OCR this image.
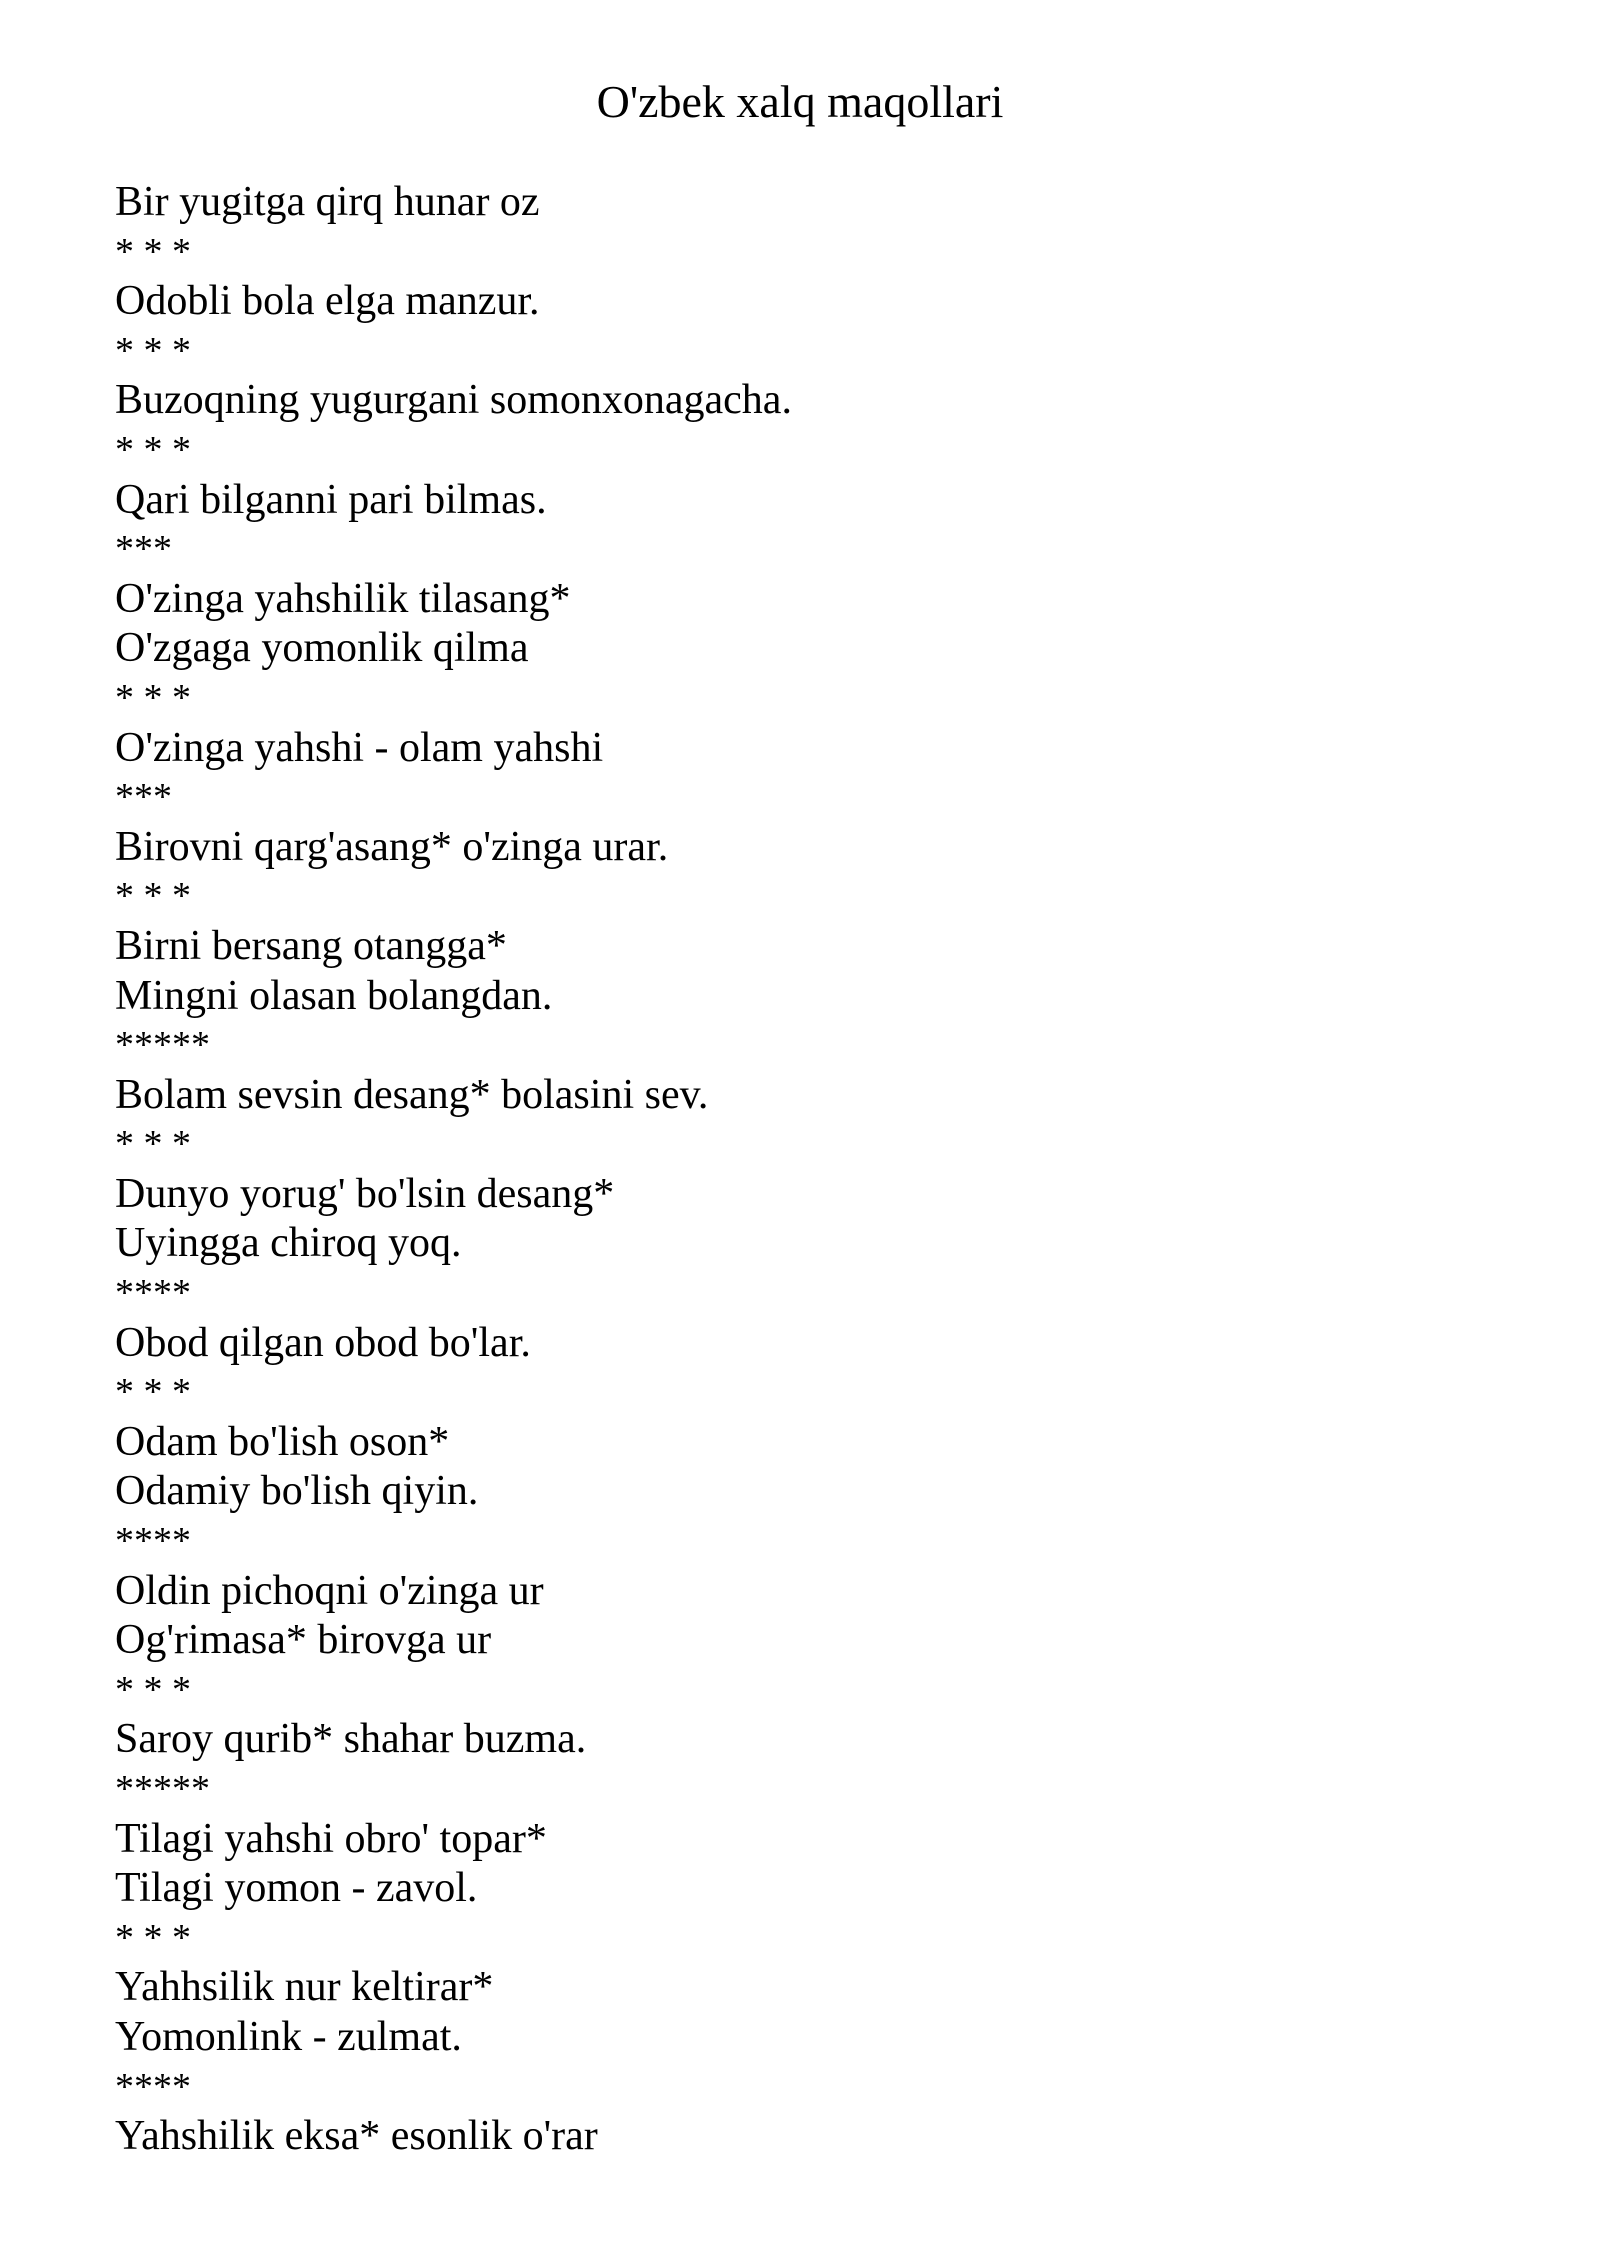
O'zbek xalq maqollari
Bir yugitga qirq hunar oz
* * *
Odobli bola elga manzur.
* * *
Buzoqning yugurgani somonxonagacha.
* * *
Qari bilganni pari bilmas.
***
O'zinga yahshilik tilasang*
O'zgaga yomonlik qilma
* * *
O'zinga yahshi - olam yahshi
***
Birovni qarg'asang* o'zinga urar.
* * *
Birni bersang otangga*
Mingni olasan bolangdan.
*****
Bolam sevsin desang* bolasini sev.
* * *
Dunyo yorug' bo'lsin desang*
Uyingga chiroq yoq.
****
Obod qilgan obod bo'lar.
* * *
Odam bo'lish oson*
Odamiy bo'lish qiyin.
****
Oldin pichoqni o'zinga ur
Og'rimasa* birovga ur
* * *
Saroy qurib* shahar buzma.
*****
Tilagi yahshi obro' topar*
Tilagi yomon - zavol.
* * *
Yahhsilik nur keltirar*
Yomonlink - zulmat.
****
Yahshilik eksa* esonlik o'rar
